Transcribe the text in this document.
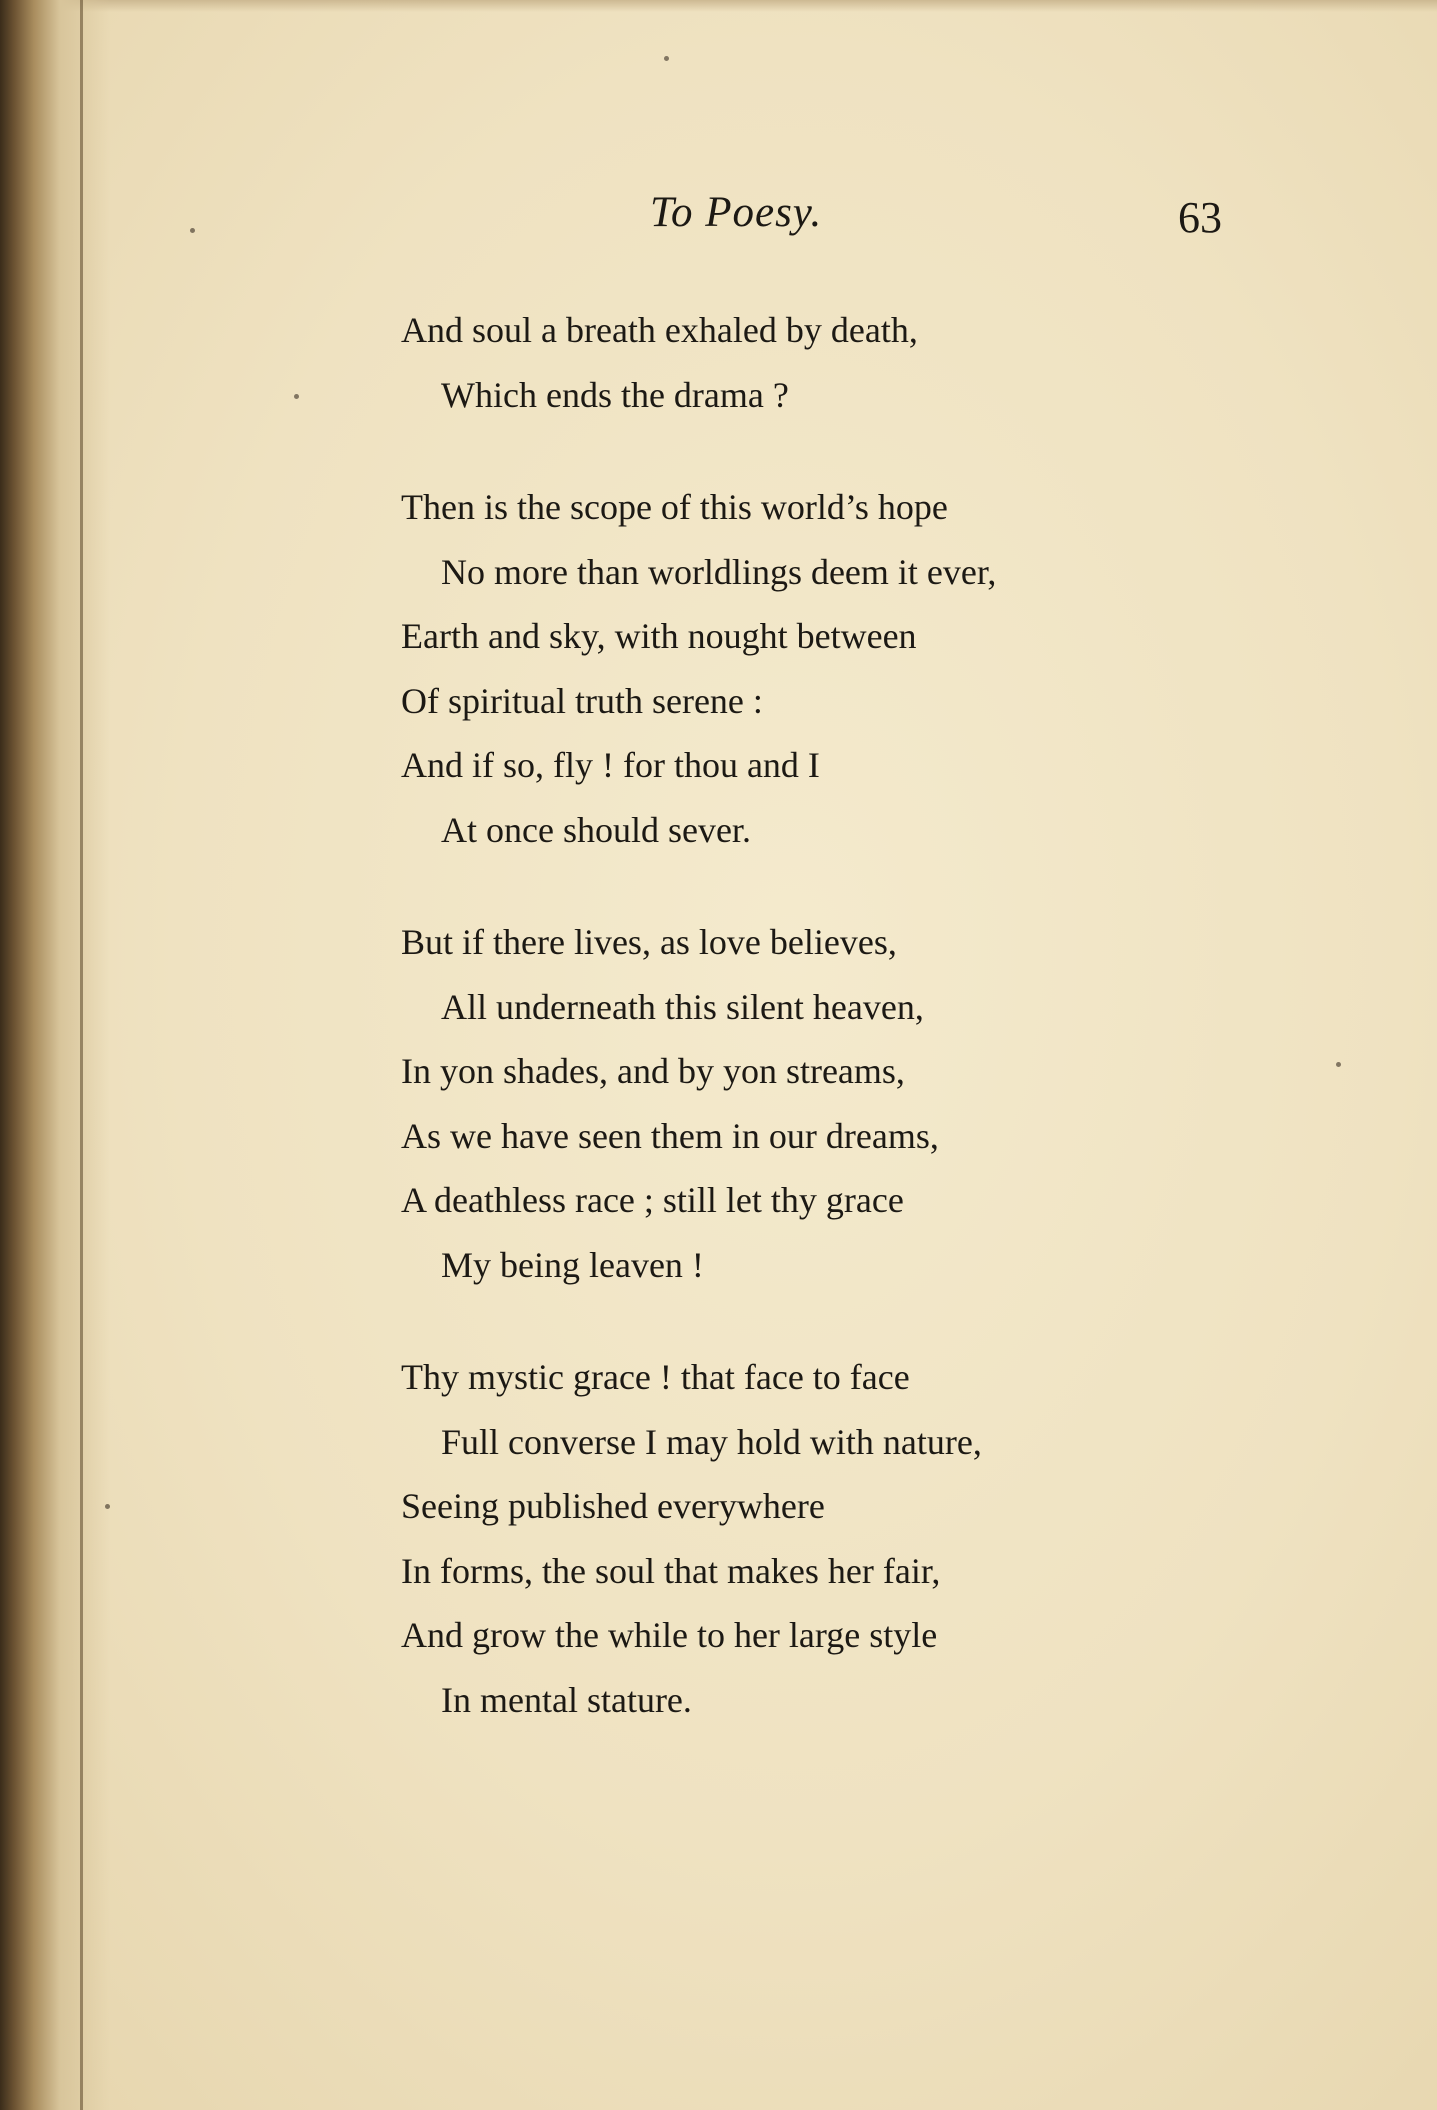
To Poesy.	63
And soul a breath exhaled by death,
Which ends the drama ?
Then is the scope of this world’s hope
No more than worldlings deem it ever,
Earth and sky, with nought between
Of spiritual truth serene :
And if so, fly ! for thou and I
At once should sever.
But if there lives, as love believes,
All underneath this silent heaven,
In yon shades, and by yon streams,
As we have seen them in our dreams,
A deathless race ; still let thy grace
My being leaven !
Thy mystic grace ! that face to face
Full converse I may hold with nature,
Seeing published everywhere
In forms, the soul that makes her fair,
And grow the while to her large style
In mental stature.
